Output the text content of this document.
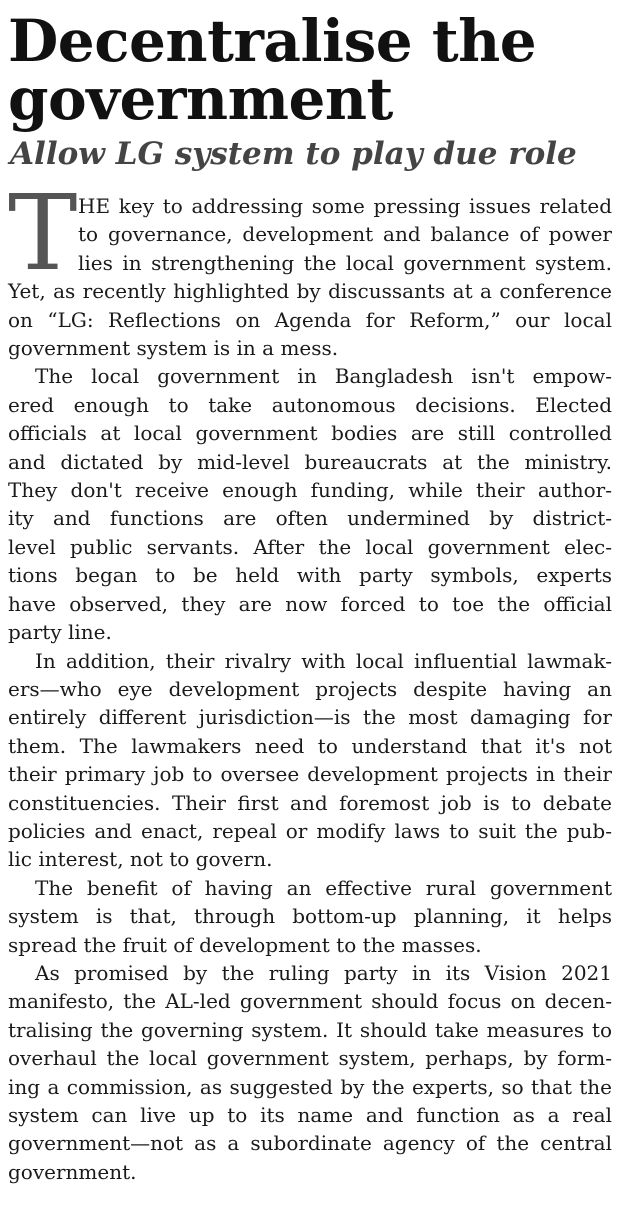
Decentralise the
government
Allow LG system to play due role
T HE key to addressing some pressing issues related
to governance, development and balance of power
lies in strengthening the local government system.
Yet, as recently highlighted by discussants at a conference
on “LG: Reflections on Agenda for Reform,” our local
government system is in a mess.
The local government in Bangladesh isn't empow-
ered enough to take autonomous decisions. Elected
officials at local government bodies are still controlled
and dictated by mid-level bureaucrats at the ministry.
They don't receive enough funding, while their author-
ity and functions are often undermined by district-
level public servants. After the local government elec-
tions began to be held with party symbols, experts
have observed, they are now forced to toe the official
party line.
In addition, their rivalry with local influential lawmak-
ers—who eye development projects despite having an
entirely different jurisdiction—is the most damaging for
them. The lawmakers need to understand that it's not
their primary job to oversee development projects in their
constituencies. Their first and foremost job is to debate
policies and enact, repeal or modify laws to suit the pub-
lic interest, not to govern.
The benefit of having an effective rural government
system is that, through bottom-up planning, it helps
spread the fruit of development to the masses.
As promised by the ruling party in its Vision 2021
manifesto, the AL-led government should focus on decen-
tralising the governing system. It should take measures to
overhaul the local government system, perhaps, by form-
ing a commission, as suggested by the experts, so that the
system can live up to its name and function as a real
government—not as a subordinate agency of the central
government.
